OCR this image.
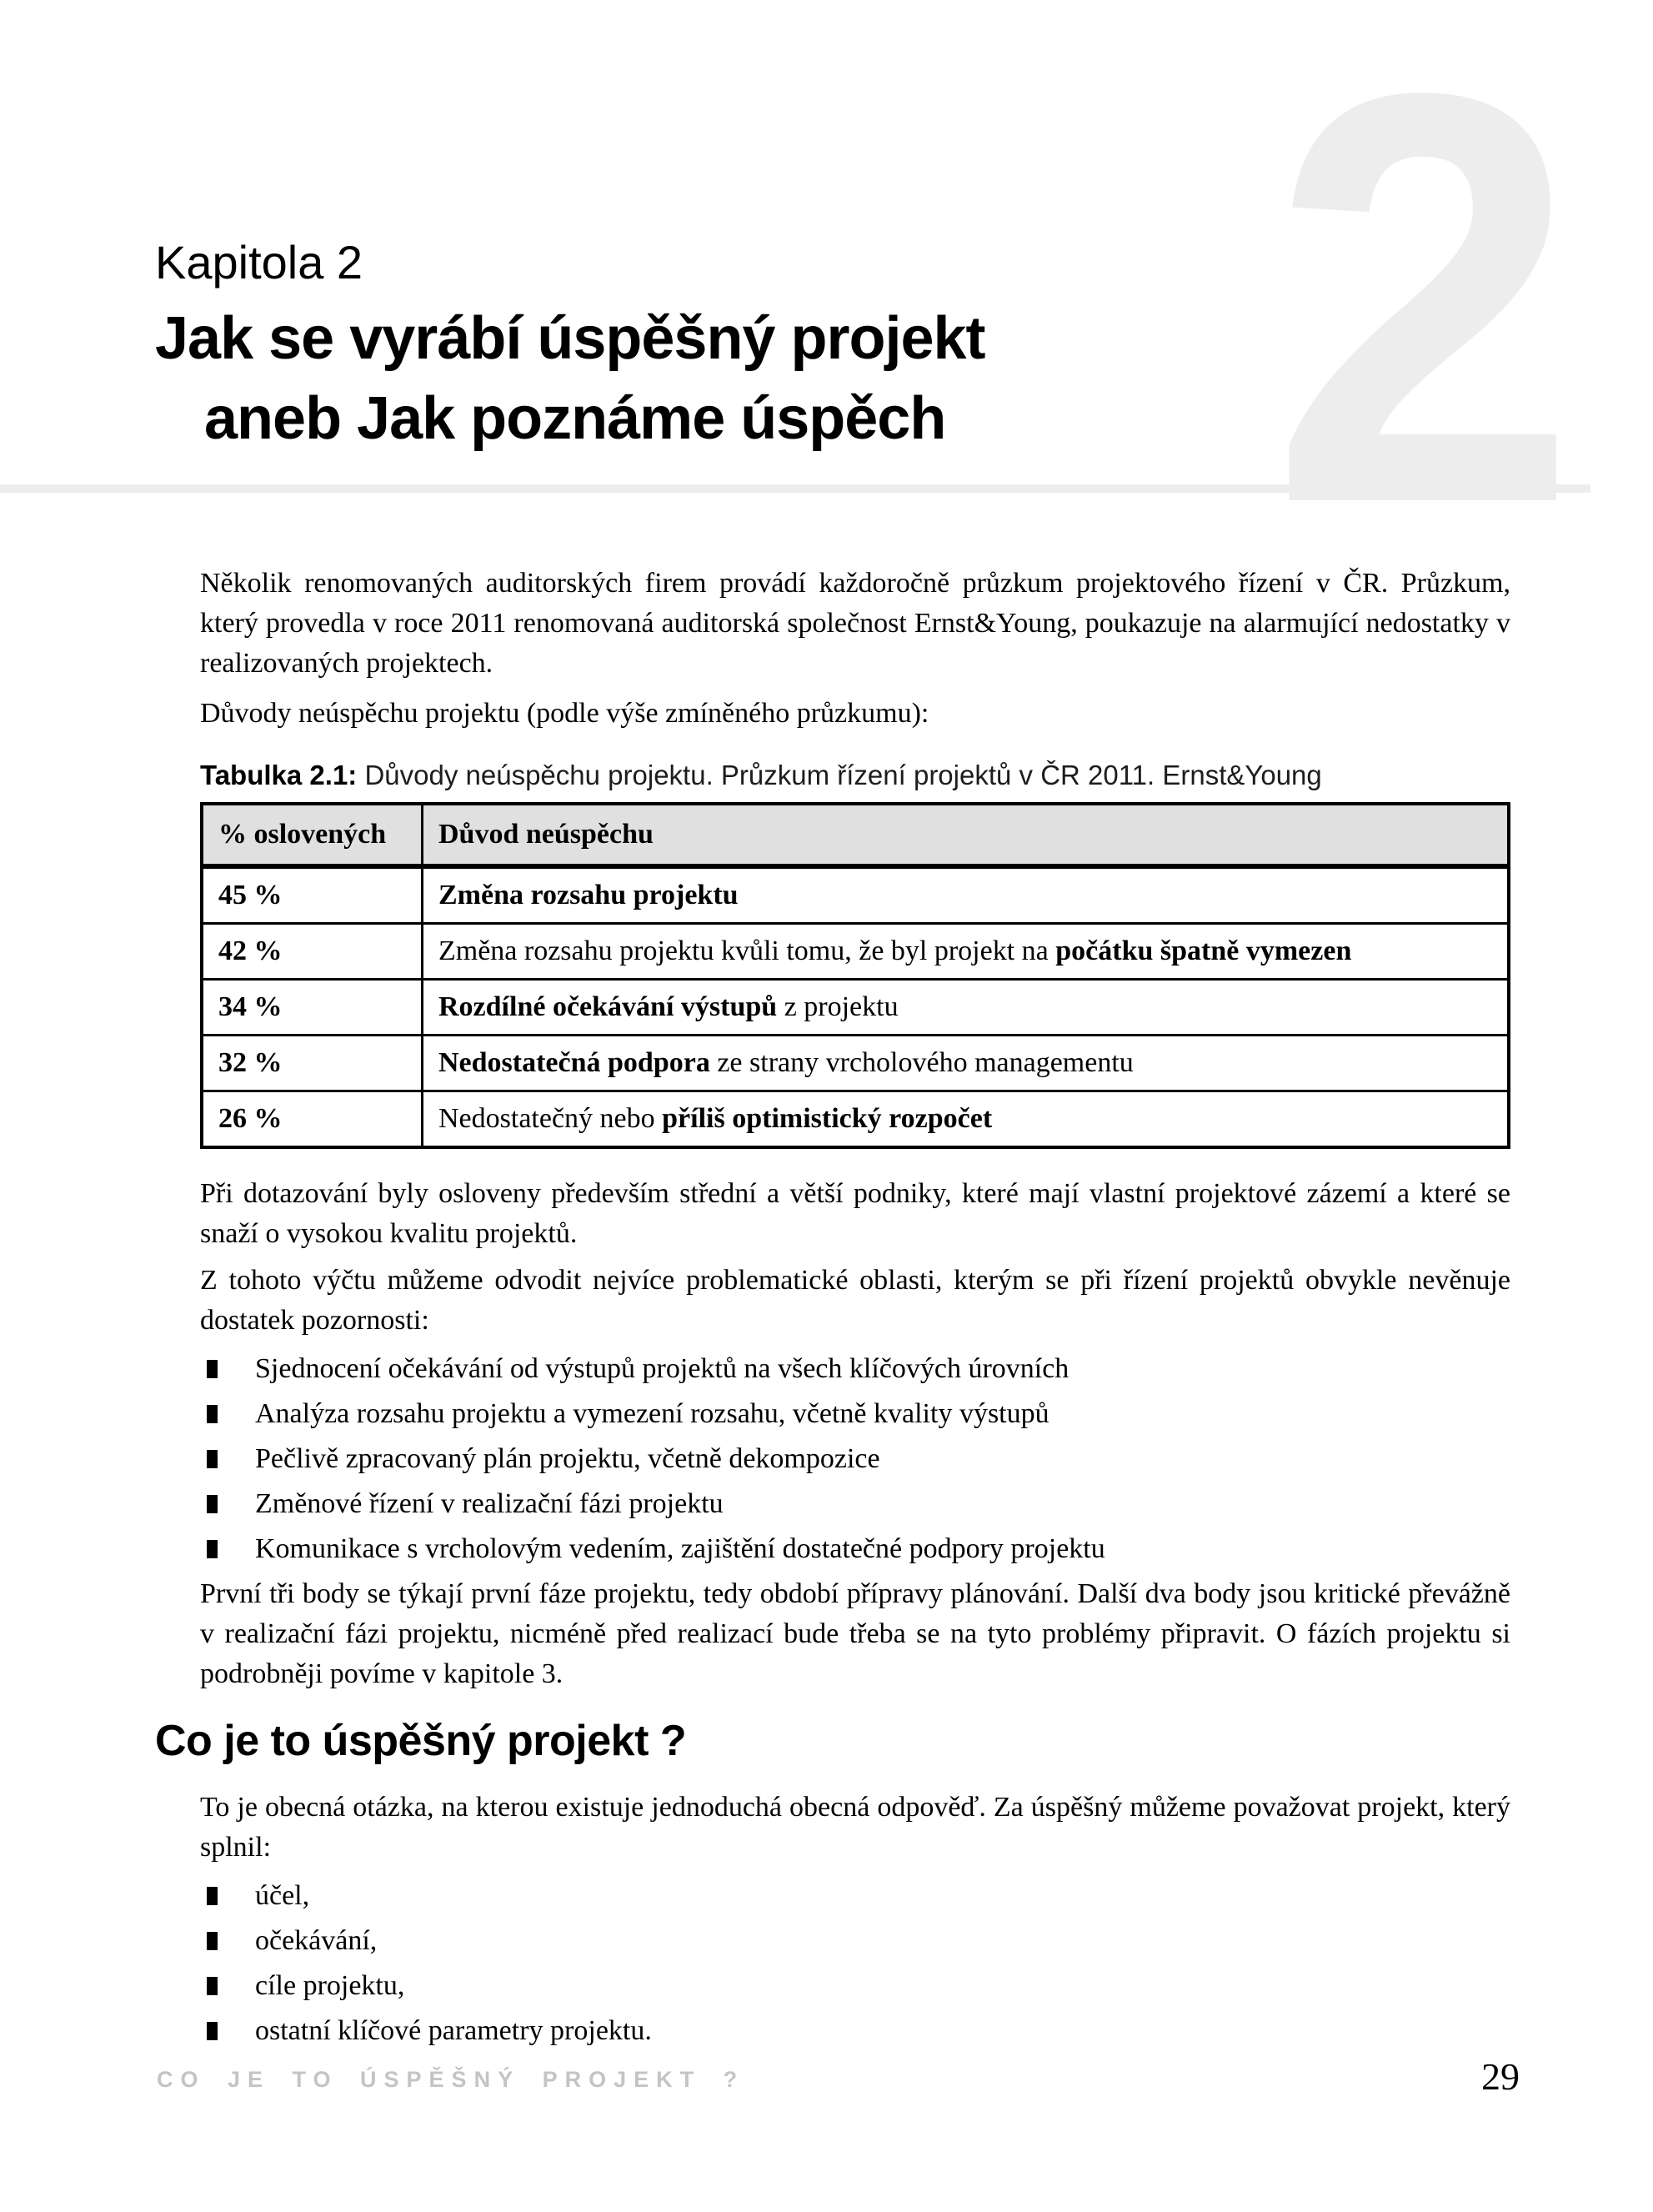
2
Kapitola 2
Jak se vyrábí úspěšný projekt
aneb Jak poznáme úspěch

Několik renomovaných auditorských firem provádí každoročně průzkum projektového řízení v ČR. Průzkum, který provedla v roce 2011 renomovaná auditorská společnost Ernst&Young, poukazuje na alarmující nedostatky v realizovaných projektech.

Důvody neúspěchu projektu (podle výše zmíněného průzkumu):

Tabulka 2.1: Důvody neúspěchu projektu. Průzkum řízení projektů v ČR 2011. Ernst&Young
% oslovených	Důvod neúspěchu
45 %	Změna rozsahu projektu
42 %	Změna rozsahu projektu kvůli tomu, že byl projekt na počátku špatně vymezen
34 %	Rozdílné očekávání výstupů z projektu
32 %	Nedostatečná podpora ze strany vrcholového managementu
26 %	Nedostatečný nebo příliš optimistický rozpočet

Při dotazování byly osloveny především střední a větší podniky, které mají vlastní projektové zázemí a které se snaží o vysokou kvalitu projektů.

Z tohoto výčtu můžeme odvodit nejvíce problematické oblasti, kterým se při řízení projektů obvykle nevěnuje dostatek pozornosti:

Sjednocení očekávání od výstupů projektů na všech klíčových úrovních
Analýza rozsahu projektu a vymezení rozsahu, včetně kvality výstupů
Pečlivě zpracovaný plán projektu, včetně dekompozice
Změnové řízení v realizační fázi projektu
Komunikace s vrcholovým vedením, zajištění dostatečné podpory projektu

První tři body se týkají první fáze projektu, tedy období přípravy plánování. Další dva body jsou kritické převážně v realizační fázi projektu, nicméně před realizací bude třeba se na tyto problémy připravit. O fázích projektu si podrobněji povíme v kapitole 3.

Co je to úspěšný projekt ?

To je obecná otázka, na kterou existuje jednoduchá obecná odpověď. Za úspěšný můžeme považovat projekt, který splnil:

účel,
očekávání,
cíle projektu,
ostatní klíčové parametry projektu.
CO JE TO ÚSPĚŠNÝ PROJEKT ?	29
